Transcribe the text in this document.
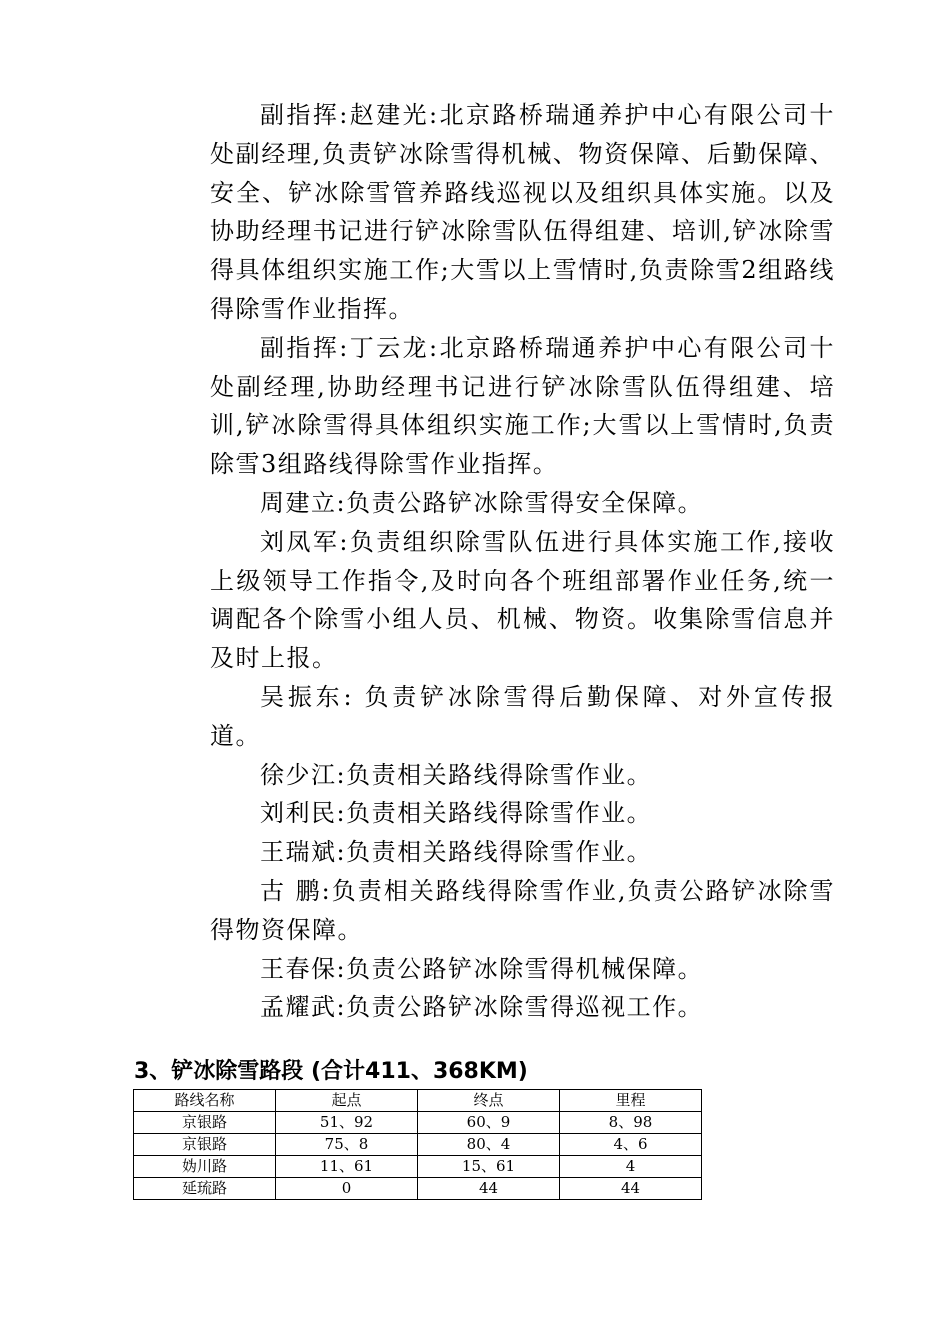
副指挥:赵建光:北京路桥瑞通养护中心有限公司十处副经理,负责铲冰除雪得机械、物资保障、后勤保障、安全、铲冰除雪管养路线巡视以及组织具体实施。以及协助经理书记进行铲冰除雪队伍得组建、培训,铲冰除雪得具体组织实施工作;大雪以上雪情时,负责除雪2组路线得除雪作业指挥。

副指挥:丁云龙:北京路桥瑞通养护中心有限公司十处副经理,协助经理书记进行铲冰除雪队伍得组建、培训,铲冰除雪得具体组织实施工作;大雪以上雪情时,负责除雪3组路线得除雪作业指挥。

周建立:负责公路铲冰除雪得安全保障。

刘凤军:负责组织除雪队伍进行具体实施工作,接收上级领导工作指令,及时向各个班组部署作业任务,统一调配各个除雪小组人员、机械、物资。收集除雪信息并及时上报。

吴振东: 负责铲冰除雪得后勤保障、对外宣传报道。

徐少江:负责相关路线得除雪作业。

刘利民:负责相关路线得除雪作业。

王瑞斌:负责相关路线得除雪作业。

古 鹏:负责相关路线得除雪作业,负责公路铲冰除雪得物资保障。

王春保:负责公路铲冰除雪得机械保障。

孟耀武:负责公路铲冰除雪得巡视工作。

3、铲冰除雪路段 (合计411、368KM)
路线名称	起点	终点	里程
京银路	51、92	60、9	8、98
京银路	75、8	80、4	4、6
妫川路	11、61	15、61	4
延琉路	0	44	44
